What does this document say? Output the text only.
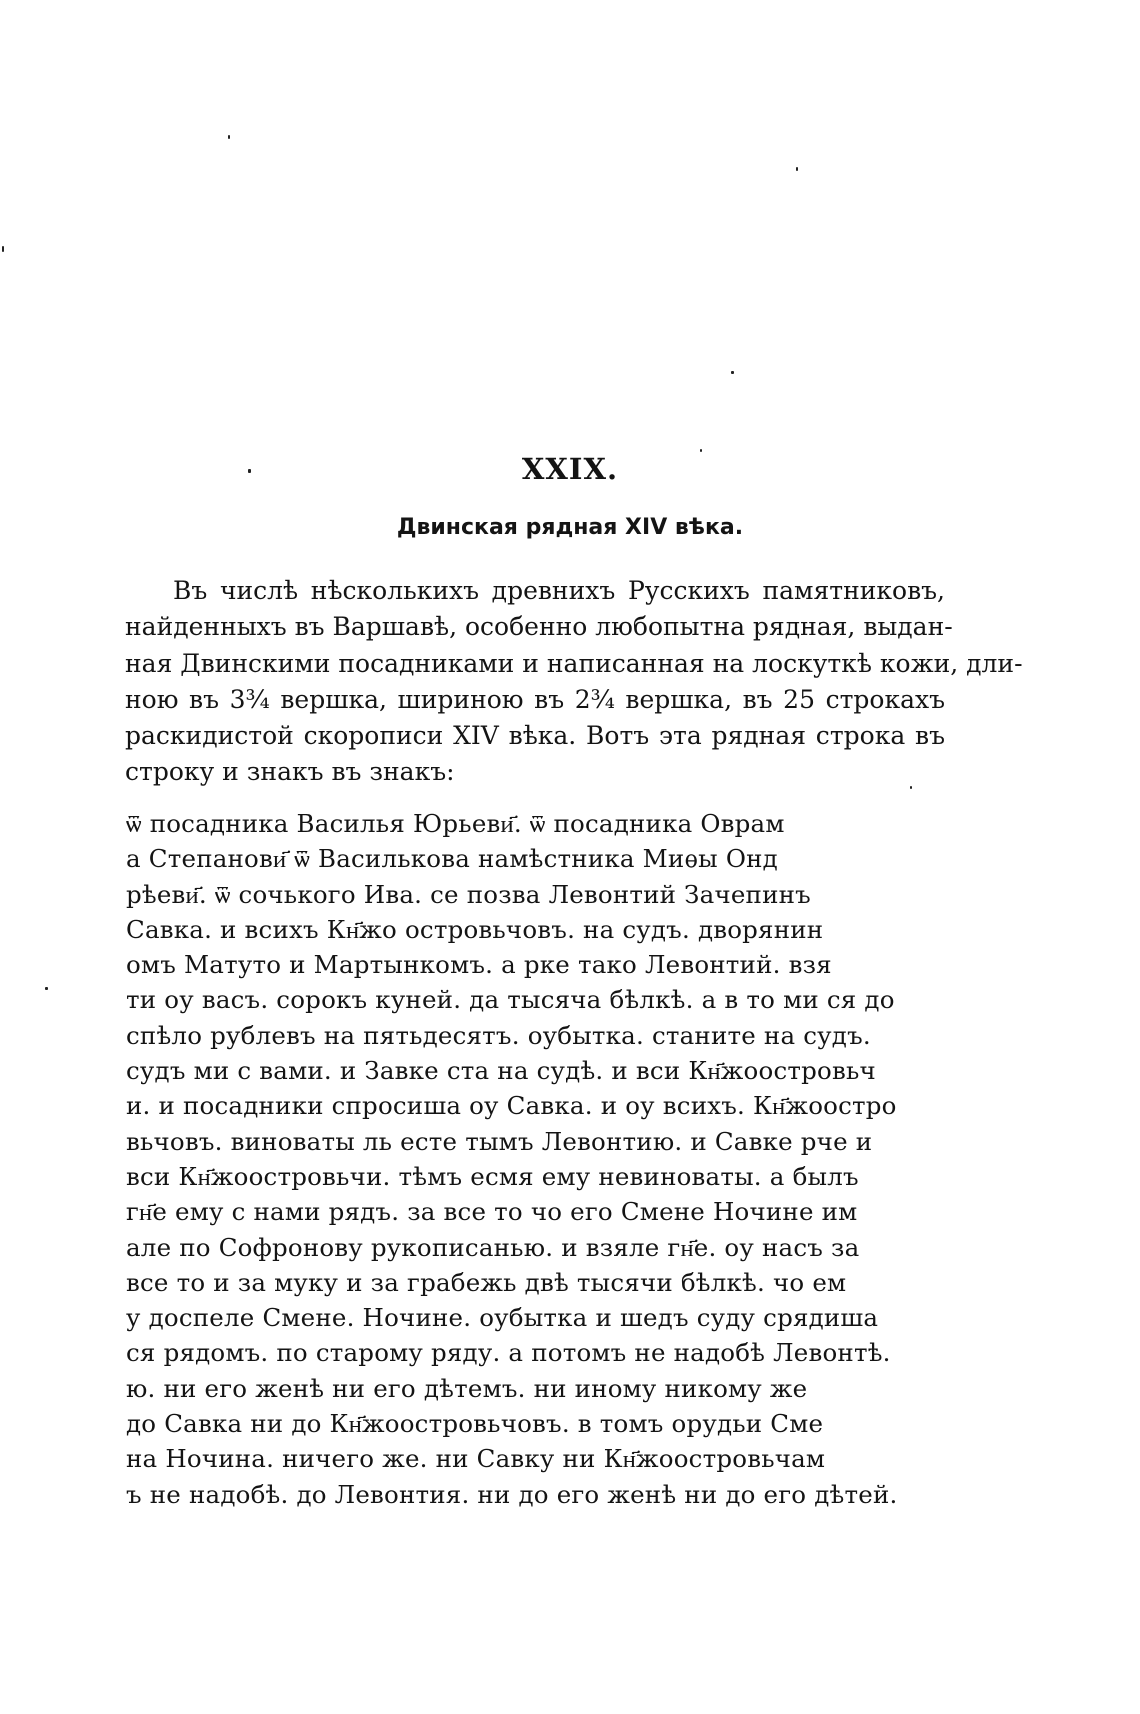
XXIX.
Двинская рядная XIV вѣка.
Въ числѣ нѣсколькихъ древнихъ Русскихъ памятниковъ,
найденныхъ въ Варшавѣ, особенно любопытна рядная, выдан-
ная Двинскими посадниками и написанная на лоскуткѣ кожи, дли-
ною въ 3¾ вершка, шириною въ 2¾ вершка, въ 25 строкахъ
раскидистой скорописи XIV вѣка. Вотъ эта рядная строка въ
строку и знакъ въ знакъ:
ѿ посадника Василья Юрьеви҃. ѿ посадника Оврам
а Степанови҃ ѿ Василькова намѣстника Миѳы Онд
рѣеви҃. ѿ сочького Ива. се позва Левонтий Зачепинъ
Савка. и всихъ Кн҃жо островьчовъ. на судъ. дворянин
омъ Матуто и Мартынкомъ. а рке тако Левонтий. взя
ти оу васъ. сорокъ куней. да тысяча бѣлкѣ. а в то ми ся до
спѣло рублевъ на пятьдесятъ. оубытка. станите на судъ.
судъ ми с вами. и Завке ста на судѣ. и вси Кн҃жоостровьч
и. и посадники спросиша оу Савка. и оу всихъ. Кн҃жоостро
вьчовъ. виноваты ль есте тымъ Левонтию. и Савке рче и
вси Кн҃жоостровьчи. тѣмъ есмя ему невиноваты. а былъ
гн҃е ему с нами рядъ. за все то чо его Смене Ночине им
але по Софронову рукописанью. и взяле гн҃е. оу насъ за
все то и за муку и за грабежь двѣ тысячи бѣлкѣ. чо ем
у доспеле Смене. Ночине. оубытка и шедъ суду срядиша
ся рядомъ. по старому ряду. а потомъ не надобѣ Левонтѣ.
ю. ни его женѣ ни его дѣтемъ. ни иному никому же
до Савка ни до Кн҃жоостровьчовъ. в томъ орудьи Сме
на Ночина. ничего же. ни Савку ни Кн҃жоостровьчам
ъ не надобѣ. до Левонтия. ни до его женѣ ни до его дѣтей.
